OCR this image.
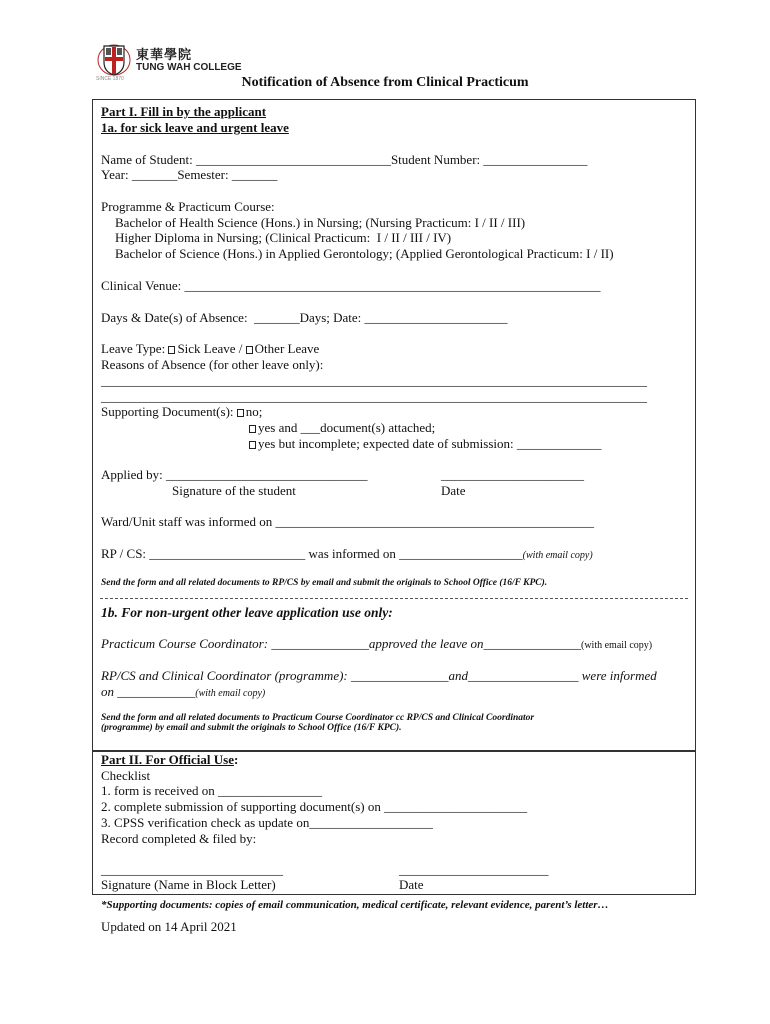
東華學院
TUNG WAH COLLEGE
SINCE 1870	Notification of Absence from Clinical Practicum
Part I. Fill in by the applicant
1a. for sick leave and urgent leave
Name of Student: ______________________________Student Number: ________________
Year: _______Semester: _______
Programme & Practicum Course:
Bachelor of Health Science (Hons.) in Nursing; (Nursing Practicum: I / II / III)
Higher Diploma in Nursing; (Clinical Practicum:  I / II / III / IV)
Bachelor of Science (Hons.) in Applied Gerontology; (Applied Gerontological Practicum: I / II)
Clinical Venue: ________________________________________________________________
Days & Date(s) of Absence:  _______Days; Date: ______________________
Leave Type: Sick Leave / Other Leave
Reasons of Absence (for other leave only):
____________________________________________________________________________________
____________________________________________________________________________________
Supporting Document(s): no;
yes and ___document(s) attached;
yes but incomplete; expected date of submission: _____________
Applied by: _______________________________	______________________
Signature of the student	Date
Ward/Unit staff was informed on _________________________________________________
RP / CS: ________________________ was informed on ___________________(with email copy)
Send the form and all related documents to RP/CS by email and submit the originals to School Office (16/F KPC).
1b. For non-urgent other leave application use only:
Practicum Course Coordinator: _______________approved the leave on_______________(with email copy)
RP/CS and Clinical Coordinator (programme): _______________and_________________ were informed
on ____________(with email copy)
Send the form and all related documents to Practicum Course Coordinator cc RP/CS and Clinical Coordinator
(programme) by email and submit the originals to School Office (16/F KPC).
Part II. For Official Use:
Checklist
1. form is received on ________________
2. complete submission of supporting document(s) on ______________________
3. CPSS verification check as update on___________________
Record completed & filed by:
____________________________	_______________________
Signature (Name in Block Letter)	Date
*Supporting documents: copies of email communication, medical certificate, relevant evidence, parent’s letter…
Updated on 14 April 2021
